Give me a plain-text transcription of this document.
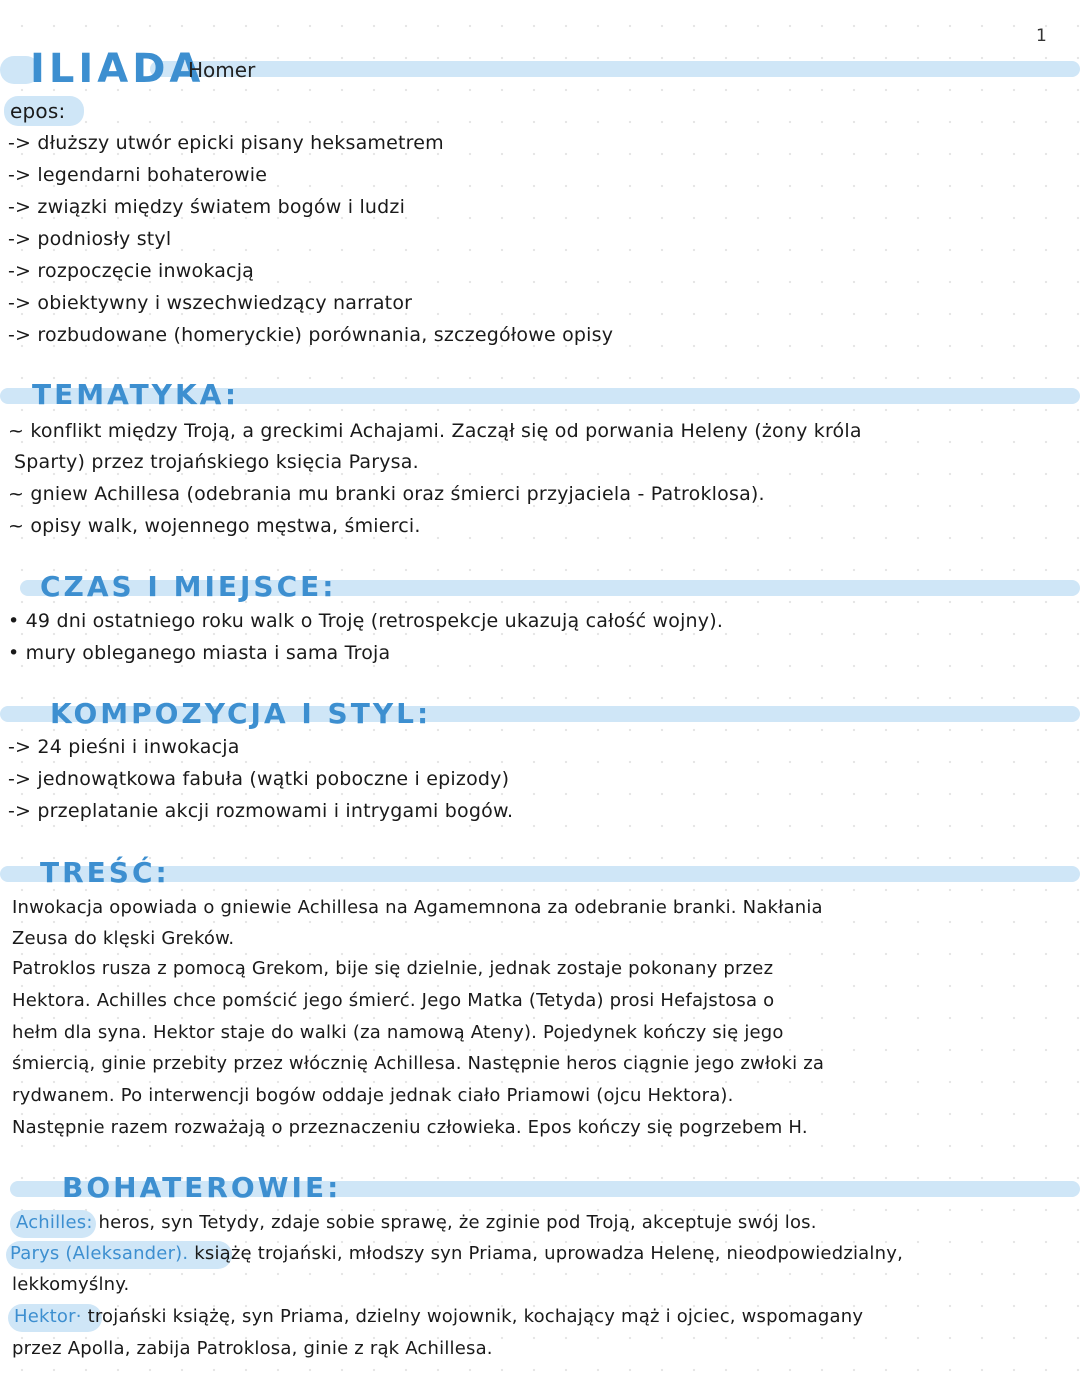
1
ILIADA
Homer
epos:
-> dłuższy utwór epicki pisany heksametrem
-> legendarni bohaterowie
-> związki między światem bogów i ludzi
-> podniosły styl
-> rozpoczęcie inwokacją
-> obiektywny i wszechwiedzący narrator
-> rozbudowane (homeryckie) porównania, szczegółowe opisy
TEMATYKA:
~ konflikt między Troją, a greckimi Achajami. Zaczął się od porwania Heleny (żony króla
Sparty) przez trojańskiego księcia Parysa.
~ gniew Achillesa (odebrania mu branki oraz śmierci przyjaciela - Patroklosa).
~ opisy walk, wojennego męstwa, śmierci.
CZAS I MIEJSCE:
• 49 dni ostatniego roku walk o Troję (retrospekcje ukazują całość wojny).
• mury obleganego miasta i sama Troja
KOMPOZYCJA I STYL:
-> 24 pieśni i inwokacja
-> jednowątkowa fabuła (wątki poboczne i epizody)
-> przeplatanie akcji rozmowami i intrygami bogów.
TREŚĆ:
Inwokacja opowiada o gniewie Achillesa na Agamemnona za odebranie branki. Nakłania
Zeusa do klęski Greków.
Patroklos rusza z pomocą Grekom, bije się dzielnie, jednak zostaje pokonany przez
Hektora. Achilles chce pomścić jego śmierć. Jego Matka (Tetyda) prosi Hefajstosa o
hełm dla syna. Hektor staje do walki (za namową Ateny). Pojedynek kończy się jego
śmiercią, ginie przebity przez włócznię Achillesa. Następnie heros ciągnie jego zwłoki za
rydwanem. Po interwencji bogów oddaje jednak ciało Priamowi (ojcu Hektora).
Następnie razem rozważają o przeznaczeniu człowieka. Epos kończy się pogrzebem H.
BOHATEROWIE:
Achilles: heros, syn Tetydy, zdaje sobie sprawę, że zginie pod Troją, akceptuje swój los.
Parys (Aleksander). książę trojański, młodszy syn Priama, uprowadza Helenę, nieodpowiedzialny,
lekkomyślny.
Hektor· trojański książę, syn Priama, dzielny wojownik, kochający mąż i ojciec, wspomagany
przez Apolla, zabija Patroklosa, ginie z rąk Achillesa.
